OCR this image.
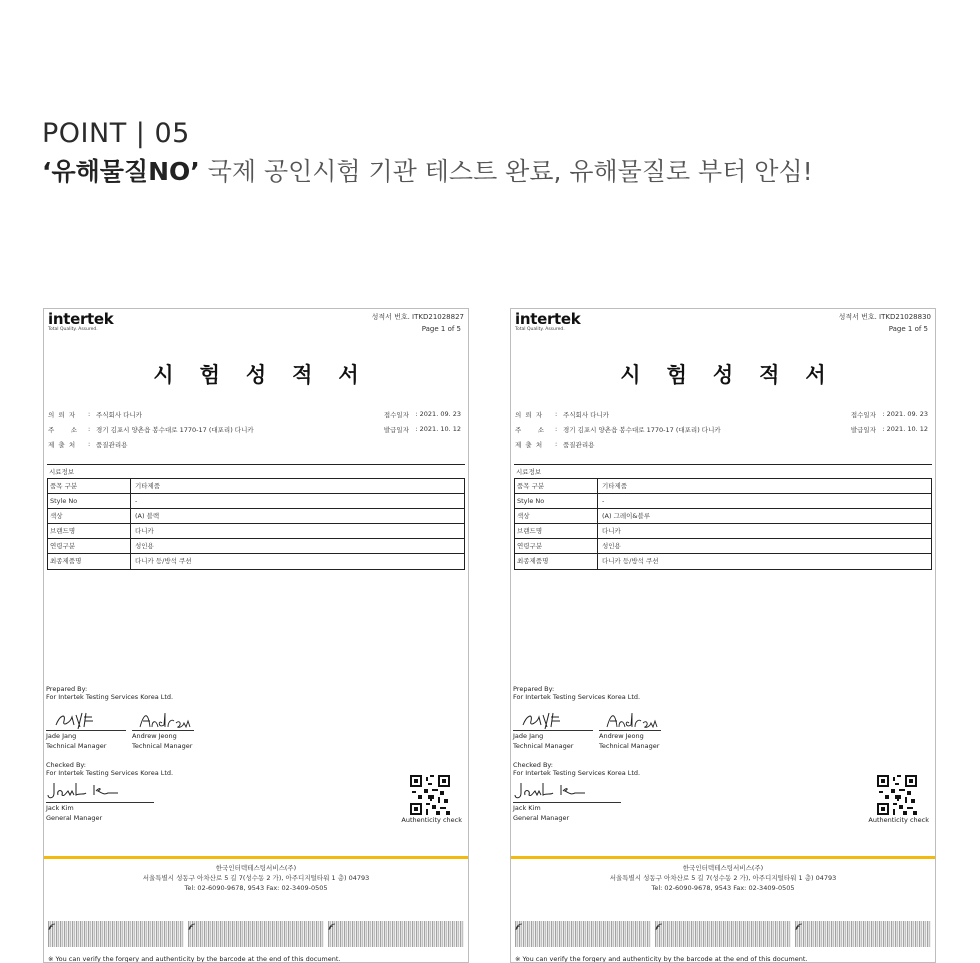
POINT | 05
‘유해물질NO’ 국제 공인시험 기관 테스트 완료, 유해물질로 부터 안심!
intertek
Total Quality. Assured.
성적서 번호. ITKD21028827
Page 1 of 5
시험성적서
의  뢰  자	: 주식회사 다니카	접수일자 : 2021. 09. 23
주        소	: 경기 김포시 양촌읍 봉수대로 1770-17 (대포리) 다니카	발급일자 : 2021. 10. 12
제  출  처	: 품질관리용
시료정보
품목 구분	기타제품
Style No	-
색상	(A) 블랙
브랜드명	다니카
연령구분	성인용
최종제품명	다니카 등/방석 쿠션
Prepared By:
For Intertek Testing Services Korea Ltd.
Jade Jang
Technical Manager
Andrew Jeong
Technical Manager
Checked By:
For Intertek Testing Services Korea Ltd.
Jack Kim
General Manager	Authenticity check
한국인터텍테스팅서비스(주)
서울특별시 성동구 아차산로 5 길 7(성수동 2 가), 아주디지털타워 1 층) 04793
Tel: 02-6090-9678, 9543 Fax: 02-3409-0505
※ You can verify the forgery and authenticity by the barcode at the end of this document.
intertek
Total Quality. Assured.
성적서 번호. ITKD21028830
Page 1 of 5
시험성적서
의  뢰  자	: 주식회사 다니카	접수일자 : 2021. 09. 23
주        소	: 경기 김포시 양촌읍 봉수대로 1770-17 (대포리) 다니카	발급일자 : 2021. 10. 12
제  출  처	: 품질관리용
시료정보
품목 구분	기타제품
Style No	-
색상	(A) 그레이&블루
브랜드명	다니카
연령구분	성인용
최종제품명	다니카 등/방석 쿠션
Prepared By:
For Intertek Testing Services Korea Ltd.
Jade Jang
Technical Manager
Andrew Jeong
Technical Manager
Checked By:
For Intertek Testing Services Korea Ltd.
Jack Kim
General Manager	Authenticity check
한국인터텍테스팅서비스(주)
서울특별시 성동구 아차산로 5 길 7(성수동 2 가), 아주디지털타워 1 층) 04793
Tel: 02-6090-9678, 9543 Fax: 02-3409-0505
※ You can verify the forgery and authenticity by the barcode at the end of this document.
